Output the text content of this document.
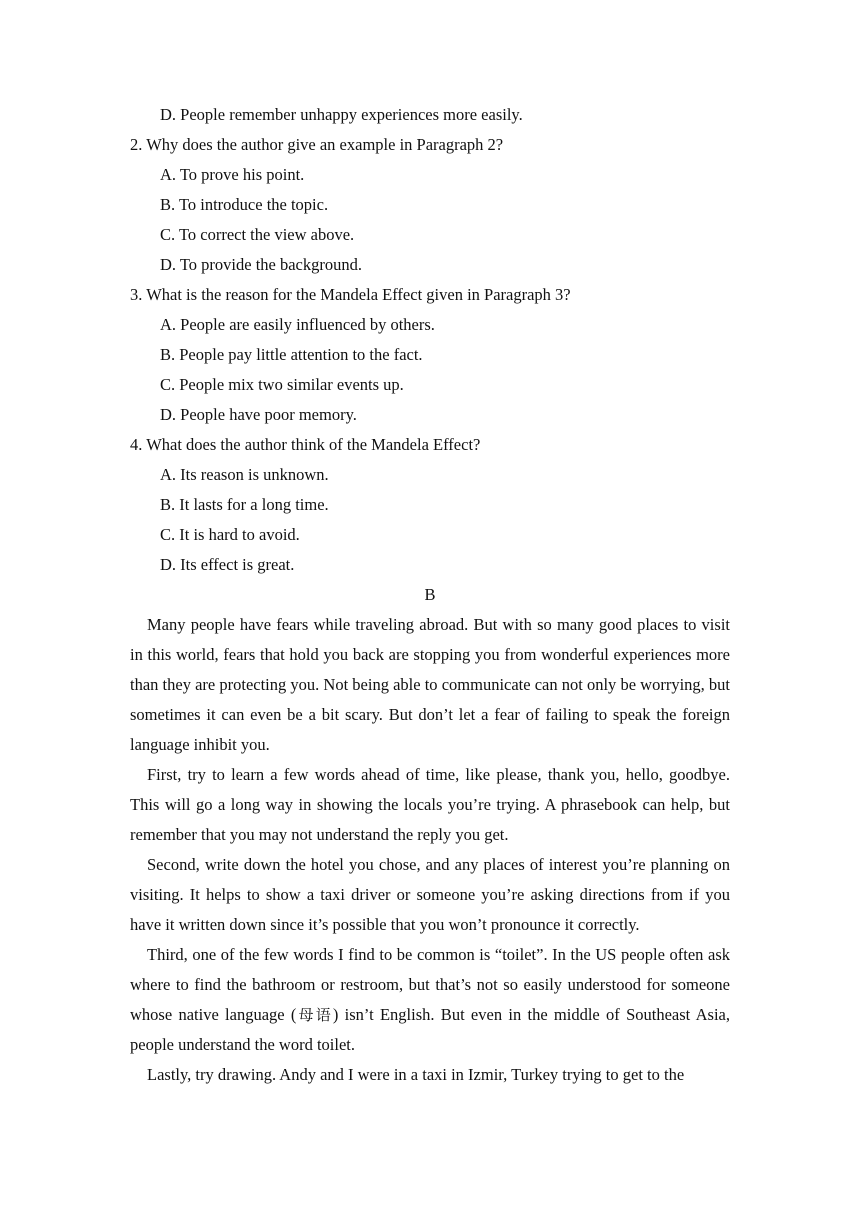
D. People remember unhappy experiences more easily.
2. Why does the author give an example in Paragraph 2?
A. To prove his point.
B. To introduce the topic.
C. To correct the view above.
D. To provide the background.
3. What is the reason for the Mandela Effect given in Paragraph 3?
A. People are easily influenced by others.
B. People pay little attention to the fact.
C. People mix two similar events up.
D. People have poor memory.
4. What does the author think of the Mandela Effect?
A. Its reason is unknown.
B. It lasts for a long time.
C. It is hard to avoid.
D. Its effect is great.
B

Many people have fears while traveling abroad. But with so many good places to visit in this world, fears that hold you back are stopping you from wonderful experiences more than they are protecting you. Not being able to communicate can not only be worrying, but sometimes it can even be a bit scary. But don’t let a fear of failing to speak the foreign language inhibit you.

First, try to learn a few words ahead of time, like please, thank you, hello, goodbye. This will go a long way in showing the locals you’re trying. A phrasebook can help, but remember that you may not understand the reply you get.

Second, write down the hotel you chose, and any places of interest you’re planning on visiting. It helps to show a taxi driver or someone you’re asking directions from if you have it written down since it’s possible that you won’t pronounce it correctly.

Third, one of the few words I find to be common is “toilet”. In the US people often ask where to find the bathroom or restroom, but that’s not so easily understood for someone whose native language (母语) isn’t English. But even in the middle of Southeast Asia, people understand the word toilet.

Lastly, try drawing. Andy and I were in a taxi in Izmir, Turkey trying to get to the
